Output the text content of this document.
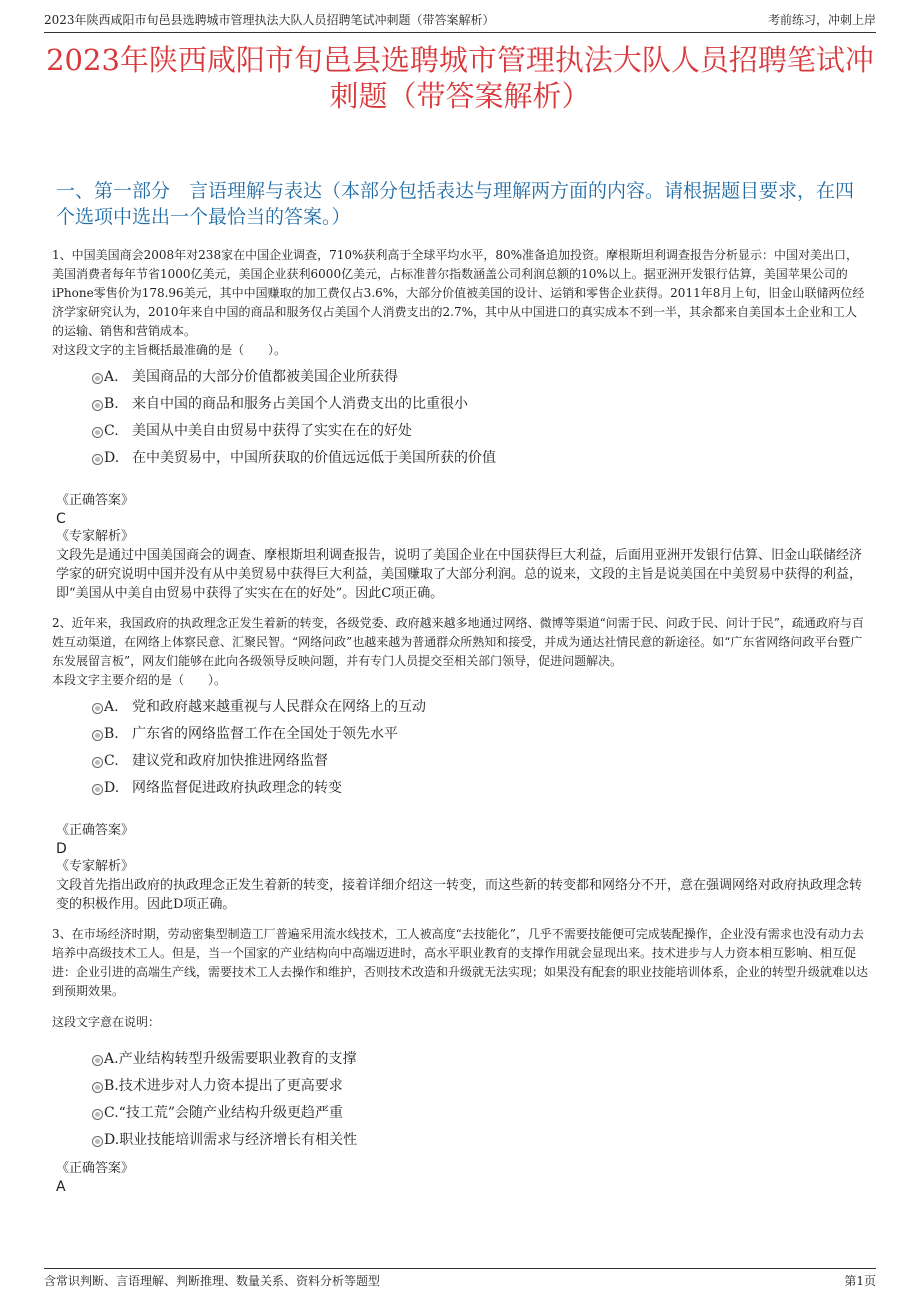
2023年陕西咸阳市旬邑县选聘城市管理执法大队人员招聘笔试冲刺题（带答案解析）	考前练习，冲刺上岸
2023年陕西咸阳市旬邑县选聘城市管理执法大队人员招聘笔试冲刺题（带答案解析）
一、第一部分　言语理解与表达（本部分包括表达与理解两方面的内容。请根据题目要求，在四个选项中选出一个最恰当的答案。）
1、中国美国商会2008年对238家在中国企业调查，710%获利高于全球平均水平，80%准备追加投资。摩根斯坦利调查报告分析显示：中国对美出口，美国消费者每年节省1000亿美元，美国企业获利6000亿美元，占标准普尔指数涵盖公司利润总额的10%以上。据亚洲开发银行估算，美国苹果公司的iPhone零售价为178.96美元，其中中国赚取的加工费仅占3.6%，大部分价值被美国的设计、运销和零售企业获得。2011年8月上旬，旧金山联储两位经济学家研究认为，2010年来自中国的商品和服务仅占美国个人消费支出的2.7%，其中从中国进口的真实成本不到一半，其余都来自美国本土企业和工人的运输、销售和营销成本。
对这段文字的主旨概括最准确的是（　　）。
A. 美国商品的大部分价值都被美国企业所获得
B. 来自中国的商品和服务占美国个人消费支出的比重很小
C. 美国从中美自由贸易中获得了实实在在的好处
D. 在中美贸易中，中国所获取的价值远远低于美国所获的价值
《正确答案》
C
《专家解析》
文段先是通过中国美国商会的调查、摩根斯坦利调查报告，说明了美国企业在中国获得巨大利益，后面用亚洲开发银行估算、旧金山联储经济学家的研究说明中国并没有从中美贸易中获得巨大利益，美国赚取了大部分利润。总的说来，文段的主旨是说美国在中美贸易中获得的利益，即“美国从中美自由贸易中获得了实实在在的好处”。因此C项正确。
2、近年来，我国政府的执政理念正发生着新的转变，各级党委、政府越来越多地通过网络、微博等渠道“问需于民、问政于民、问计于民”，疏通政府与百姓互动渠道，在网络上体察民意、汇聚民智。“网络问政”也越来越为普通群众所熟知和接受，并成为通达社情民意的新途径。如“广东省网络问政平台暨广东发展留言板”，网友们能够在此向各级领导反映问题，并有专门人员提交至相关部门领导，促进问题解决。
本段文字主要介绍的是（　　）。
A. 党和政府越来越重视与人民群众在网络上的互动
B. 广东省的网络监督工作在全国处于领先水平
C. 建议党和政府加快推进网络监督
D. 网络监督促进政府执政理念的转变
《正确答案》
D
《专家解析》
文段首先指出政府的执政理念正发生着新的转变，接着详细介绍这一转变，而这些新的转变都和网络分不开，意在强调网络对政府执政理念转变的积极作用。因此D项正确。
3、在市场经济时期，劳动密集型制造工厂普遍采用流水线技术，工人被高度“去技能化”，几乎不需要技能便可完成装配操作，企业没有需求也没有动力去培养中高级技术工人。但是，当一个国家的产业结构向中高端迈进时，高水平职业教育的支撑作用就会显现出来。技术进步与人力资本相互影响、相互促进：企业引进的高端生产线，需要技术工人去操作和维护，否则技术改造和升级就无法实现；如果没有配套的职业技能培训体系，企业的转型升级就难以达到预期效果。
这段文字意在说明：
A.产业结构转型升级需要职业教育的支撑
B.技术进步对人力资本提出了更高要求
C.“技工荒”会随产业结构升级更趋严重
D.职业技能培训需求与经济增长有相关性
《正确答案》
A
含常识判断、言语理解、判断推理、数量关系、资料分析等题型	第1页
